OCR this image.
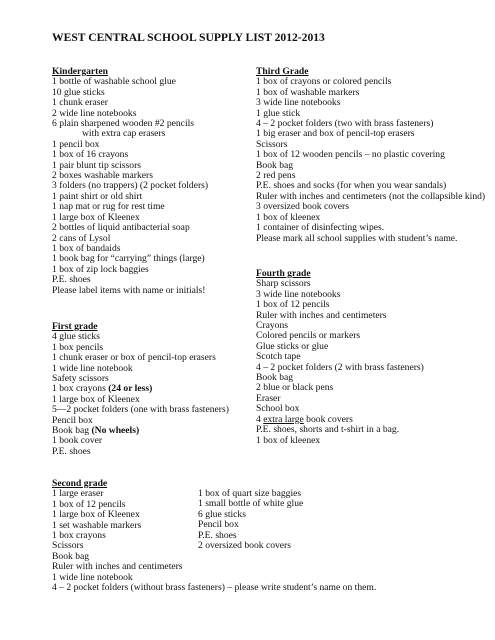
WEST CENTRAL SCHOOL SUPPLY LIST 2012-2013
Kindergarten
1 bottle of washable school glue
10 glue sticks
1 chunk eraser
2 wide line notebooks
6 plain sharpened wooden #2 pencils
with extra cap erasers
1 pencil box
1 box of 16 crayons
1 pair blunt tip scissors
2 boxes washable markers
3 folders (no trappers) (2 pocket folders)
1 paint shirt or old shirt
1 nap mat or rug for rest time
1 large box of Kleenex
2 bottles of liquid antibacterial soap
2 cans of Lysol
1 box of bandaids
1 book bag for “carrying” things (large)
1 box of zip lock baggies
P.E. shoes
Please label items with name or initials!
First grade
4 glue sticks
1 box pencils
1 chunk eraser or box of pencil-top erasers
1 wide line notebook
Safety scissors
1 box crayons (24 or less)
1 large box of Kleenex
5—2 pocket folders (one with brass fasteners)
Pencil box
Book bag (No wheels)
1 book cover
P.E. shoes
Third Grade
1 box of crayons or colored pencils
1 box of washable markers
3 wide line notebooks
1 glue stick
4 – 2 pocket folders (two with brass fasteners)
1 big eraser and box of pencil-top erasers
Scissors
1 box of 12 wooden pencils – no plastic covering
Book bag
2 red pens
P.E. shoes and socks (for when you wear sandals)
Ruler with inches and centimeters (not the collapsible kind)
3 oversized book covers
1 box of kleenex
1 container of disinfecting wipes.
Please mark all school supplies with student’s name.
Fourth grade
Sharp scissors
3 wide line notebooks
1 box of 12 pencils
Ruler with inches and centimeters
Crayons
Colored pencils or markers
Glue sticks or glue
Scotch tape
4 – 2 pocket folders (2 with brass fasteners)
Book bag
2 blue or black pens
Eraser
School box
4 extra large book covers
P.E. shoes, shorts and t-shirt in a bag.
1 box of kleenex
Second grade
1 large eraser
1 box of 12 pencils
1 large box of Kleenex
1 set washable markers
1 box crayons
Scissors
Book bag
Ruler with inches and centimeters
1 wide line notebook
4 – 2 pocket folders (without brass fasteners) – please write student’s name on them.
1 box of quart size baggies
1 small bottle of white glue
6 glue sticks
Pencil box
P.E. shoes
2 oversized book covers
